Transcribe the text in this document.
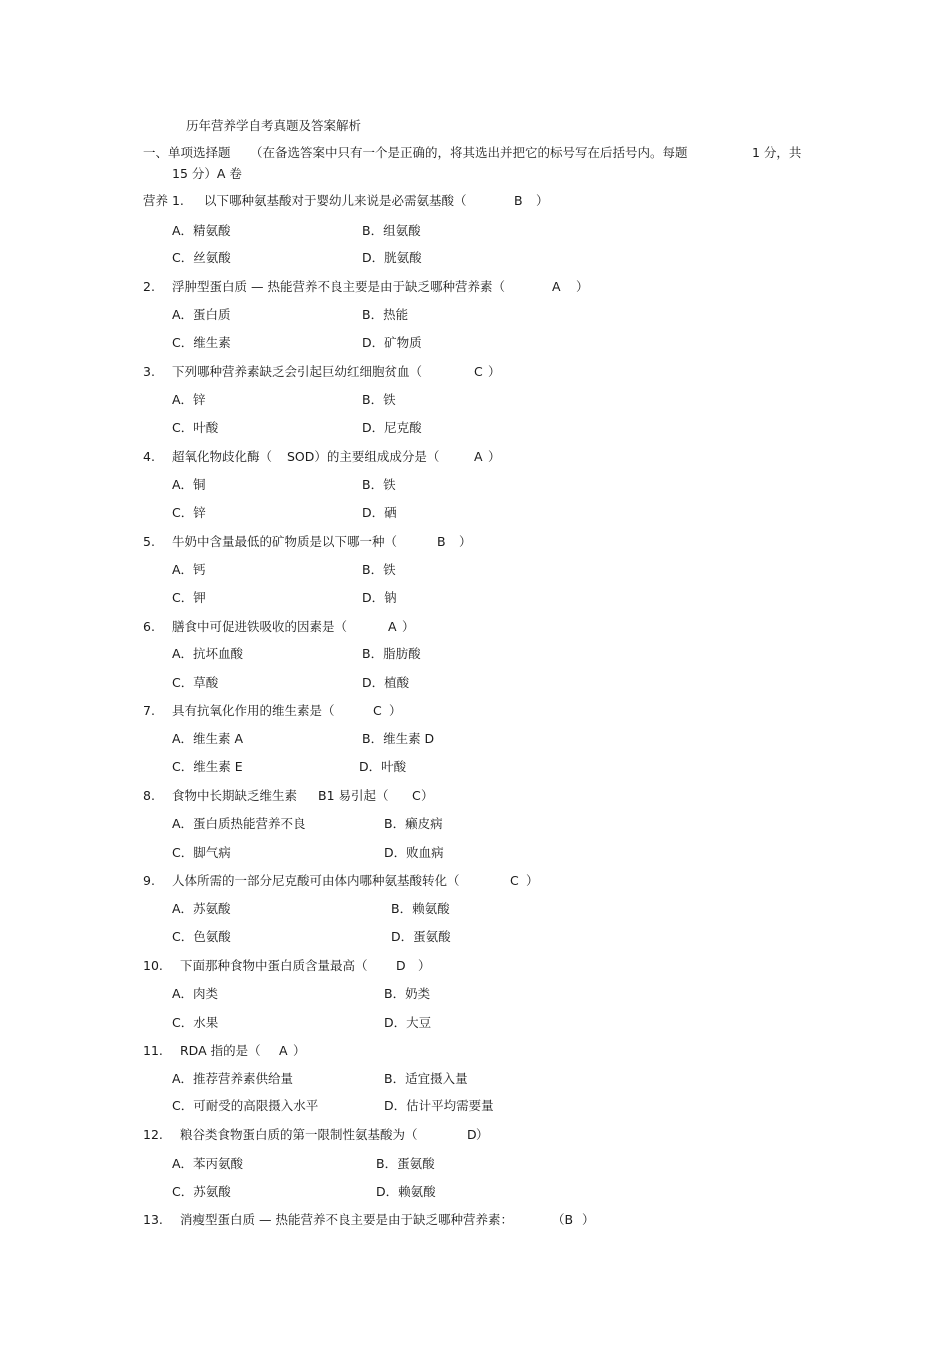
历年营养学自考真题及答案解析
一、单项选择题 （在备选答案中只有一个是正确的，将其选出并把它的标号写在后括号内。每题	1 分，共
15 分）A 卷
营养 1. 以下哪种氨基酸对于婴幼儿来说是必需氨基酸（	B ）
A．精氨酸	B．组氨酸
C．丝氨酸	D．胱氨酸
2. 浮肿型蛋白质 — 热能营养不良主要是由于缺乏哪种营养素（	A ）
A．蛋白质	B．热能
C．维生素	D．矿物质
3. 下列哪种营养素缺乏会引起巨幼红细胞贫血（	C ）
A．锌	B．铁
C．叶酸	D．尼克酸
4. 超氧化物歧化酶（ SOD）的主要组成成分是（	A ）
A．铜	B．铁
C．锌	D．硒
5. 牛奶中含量最低的矿物质是以下哪一种（	B ）
A．钙	B．铁
C．钾	D．钠
6. 膳食中可促进铁吸收的因素是（	A ）
A．抗坏血酸	B．脂肪酸
C．草酸	D．植酸
7. 具有抗氧化作用的维生素是（	C ）
A．维生素 A	B．维生素 D
C．维生素 E	D．叶酸
8. 食物中长期缺乏维生素 B1 易引起（ C ）
A．蛋白质热能营养不良	B．癞皮病
C．脚气病	D．败血病
9. 人体所需的一部分尼克酸可由体内哪种氨基酸转化（	C ）
A．苏氨酸	B．赖氨酸
C．色氨酸	D．蛋氨酸
10. 下面那种食物中蛋白质含量最高（ D ）
A．肉类	B．奶类
C．水果	D．大豆
11. RDA 指的是（ A ）
A．推荐营养素供给量	B．适宜摄入量
C．可耐受的高限摄入水平	D．估计平均需要量
12. 粮谷类食物蛋白质的第一限制性氨基酸为（	D ）
A．苯丙氨酸	B．蛋氨酸
C．苏氨酸	D．赖氨酸
13. 消瘦型蛋白质 — 热能营养不良主要是由于缺乏哪种营养素：	（B ）
